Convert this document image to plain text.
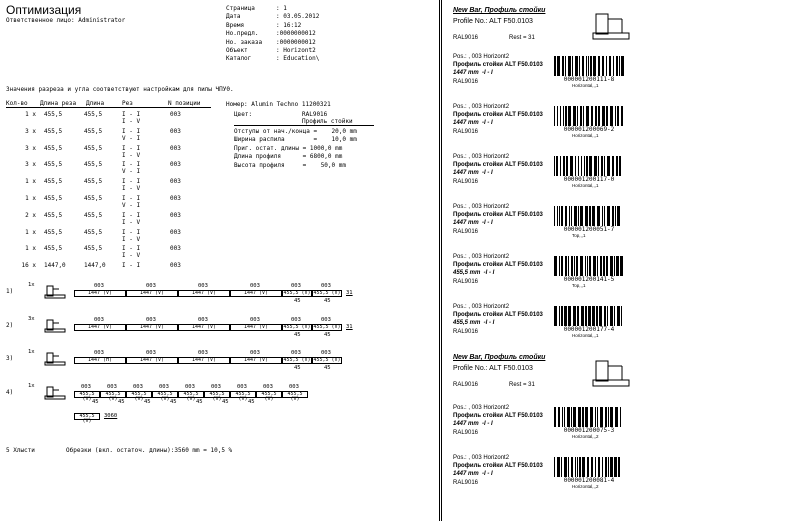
Оптимизация
Ответственное лицо: Administrator
Страница	: 1
Дата	: 03.05.2012
Время	: 16:12
Но.предл.	:0000000012
Но. заказа :0000000012
Объект	: Horizont2
Каталог	: Education\
Значения разреза и угла соответствуют настройкам для пилы ЧПУ0.
Кол-во Длина реза Длина	Рез	N позиции
1 x 455,5	455,5	I - I
I - V
003
3 x 455,5	455,5	I - I
V - I
003
3 x 455,5	455,5	I - I
I - V
003
3 x 455,5	455,5	I - I
V - I
003
1 x 455,5	455,5	I - I
I - V
003
1 x 455,5	455,5	I - I
V - I
003
2 x 455,5	455,5	I - I
I - V
003
1 x 455,5	455,5	I - I
I - V
003
1 x 455,5	455,5	I - I
I - V
003
16 x 1447,0	1447,0	I - I	003
Номер: Alumin Techno 11200321
Цвет:	RAL9016
Профиль стойки
Отступы от нач./конца =    20,0 mm
Ширина распила        =    10,0 mm
Приг. остат. длины = 1000,0 mm
Длина профиля      = 6800,0 mm
Высота профиля     =    50,0 mm
1)
1x	003
1447 (V)
003
1447 (V)
003
1447 (V)
003
1447 (V)
003
455,5 (V)
003
455,5 (V)
45	45
31
2)
3x	003
1447 (V)
003
1447 (V)
003
1447 (V)
003
1447 (V)
003
455,5 (V)
003
455,5 (V)
45	45
31
3)
1x	003
1447 (H)
003
1447 (V)
003
1447 (V)
003
1447 (V)
003
455,5 (V)
003
455,5 (V)
45	45
4)
1x	003
455,5 (V)
003
455,5 (V)
003
455,5 (V)
003
455,5 (V)
003
455,5 (V)
003
455,5 (V)
003
455,5 (V)
003
455,5 (V)
003
455,5 (V)
45	45	45	45	45	45	45
455,5 (V)
3060
5 Хлысти	Обрезки (вкл. остаточ. длины):3560 mm = 10,5 %
New Bar, Профиль стойки
Profile No.: ALT F50.0103
RAL9016	Rest = 31
Pos.: , 003 Horizont2
Профиль стойки ALT F50.0103
1447 mm  -I - I
RAL9016	000001200111-8
Horizontal,,,1
Pos.: , 003 Horizont2
Профиль стойки ALT F50.0103
1447 mm  -I - I
RAL9016	000001200069-2
Horizontal,,,1
Pos.: , 003 Horizont2
Профиль стойки ALT F50.0103
1447 mm  -I - I
RAL9016	000001200117-0
Horizontal,,,1
Pos.: , 003 Horizont2
Профиль стойки ALT F50.0103
1447 mm  -I - I
RAL9016	000001200051-7
Top,,,1
Pos.: , 003 Horizont2
Профиль стойки ALT F50.0103
455,5 mm  -I - I
RAL9016	000001200141-5
Top,,,1
Pos.: , 003 Horizont2
Профиль стойки ALT F50.0103
455,5 mm  -I - I
RAL9016	000001200177-4
Horizontal,,,1
New Bar, Профиль стойки
Profile No.: ALT F50.0103
RAL9016	Rest = 31
Pos.: , 003 Horizont2
Профиль стойки ALT F50.0103
1447 mm  -I - I
RAL9016	000001200075-3
Horizontal,,,2
Pos.: , 003 Horizont2
Профиль стойки ALT F50.0103
1447 mm  -I - I
RAL9016	000001200081-4
Horizontal,,,2
